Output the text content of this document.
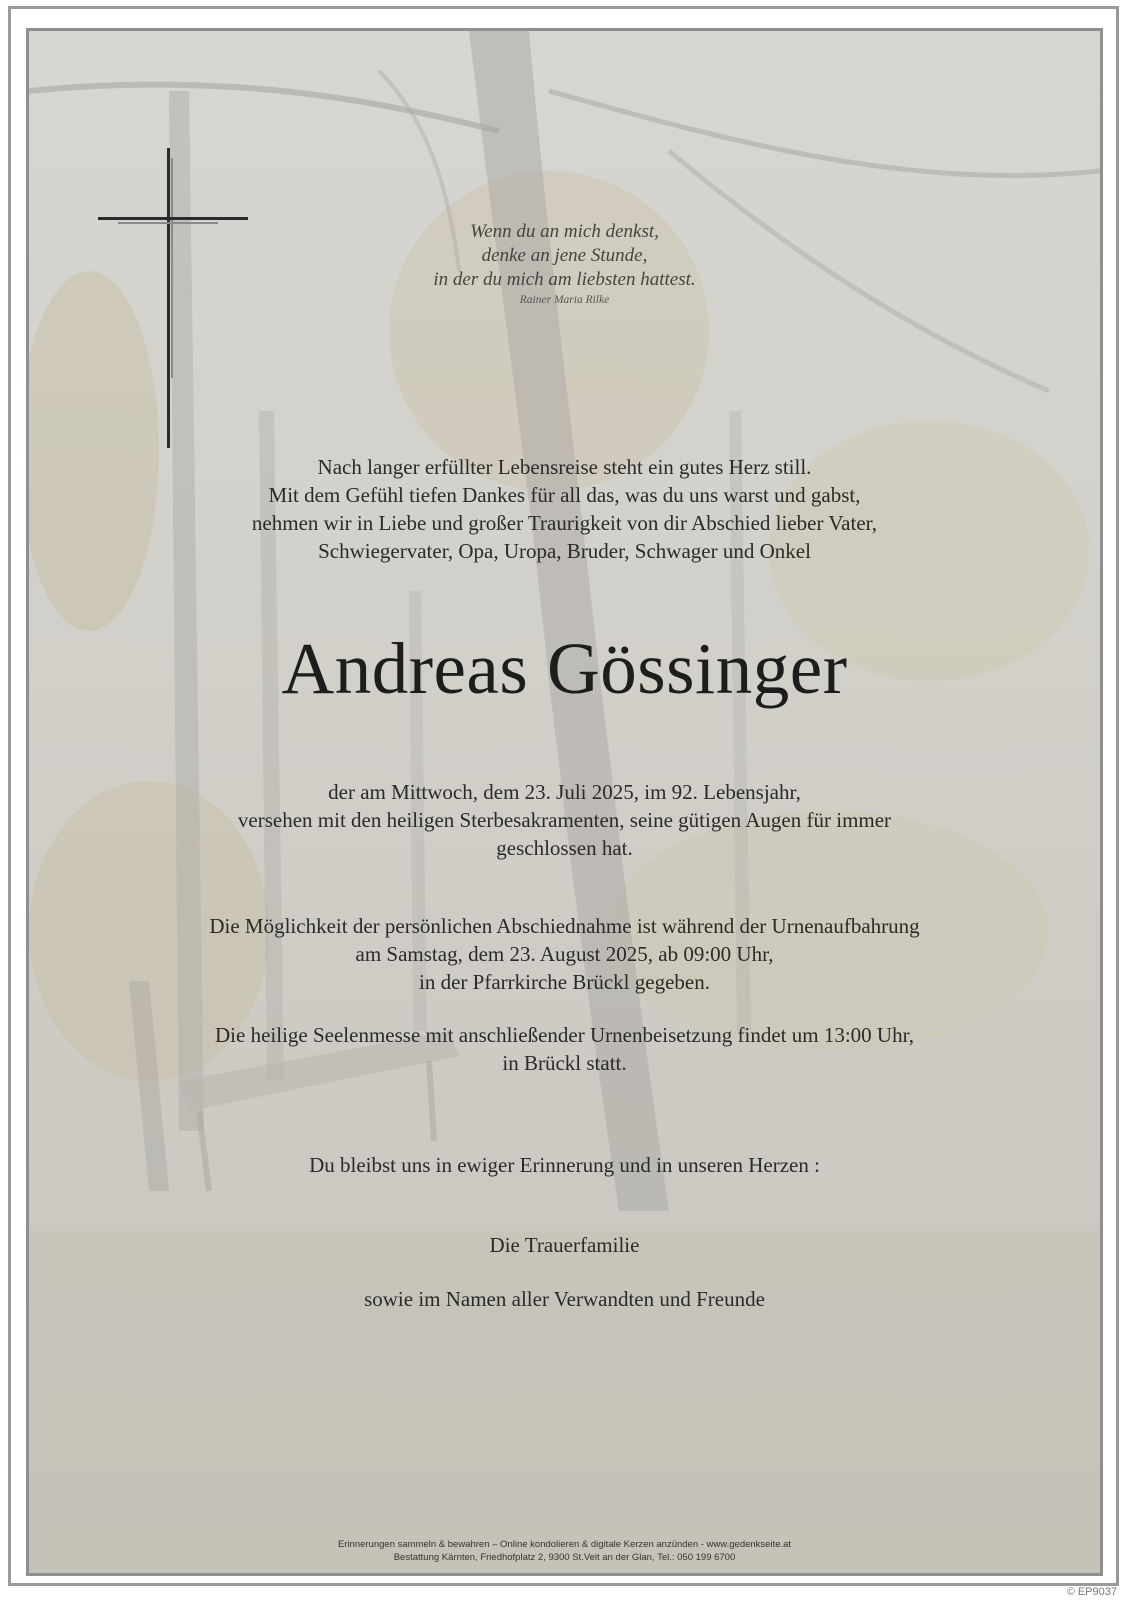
Wenn du an mich denkst,
denke an jene Stunde,
in der du mich am liebsten hattest.
Rainer Maria Rilke
Nach langer erfüllter Lebensreise steht ein gutes Herz still.
Mit dem Gefühl tiefen Dankes für all das, was du uns warst und gabst,
nehmen wir in Liebe und großer Traurigkeit von dir Abschied lieber Vater,
Schwiegervater, Opa, Uropa, Bruder, Schwager und Onkel
Andreas Gössinger
der am Mittwoch, dem 23. Juli 2025, im 92. Lebensjahr,
versehen mit den heiligen Sterbesakramenten, seine gütigen Augen für immer
geschlossen hat.
Die Möglichkeit der persönlichen Abschiednahme ist während der Urnenaufbahrung
am Samstag, dem 23. August 2025, ab 09:00 Uhr,
in der Pfarrkirche Brückl gegeben.
Die heilige Seelenmesse mit anschließender Urnenbeisetzung findet um 13:00 Uhr,
in Brückl statt.
Du bleibst uns in ewiger Erinnerung und in unseren Herzen :
Die Trauerfamilie
sowie im Namen aller Verwandten und Freunde
Erinnerungen sammeln & bewahren – Online kondolieren & digitale Kerzen anzünden - www.gedenkseite.at
Bestattung Kärnten, Friedhofplatz 2, 9300 St.Veit an der Glan, Tel.: 050 199 6700
© EP9037
